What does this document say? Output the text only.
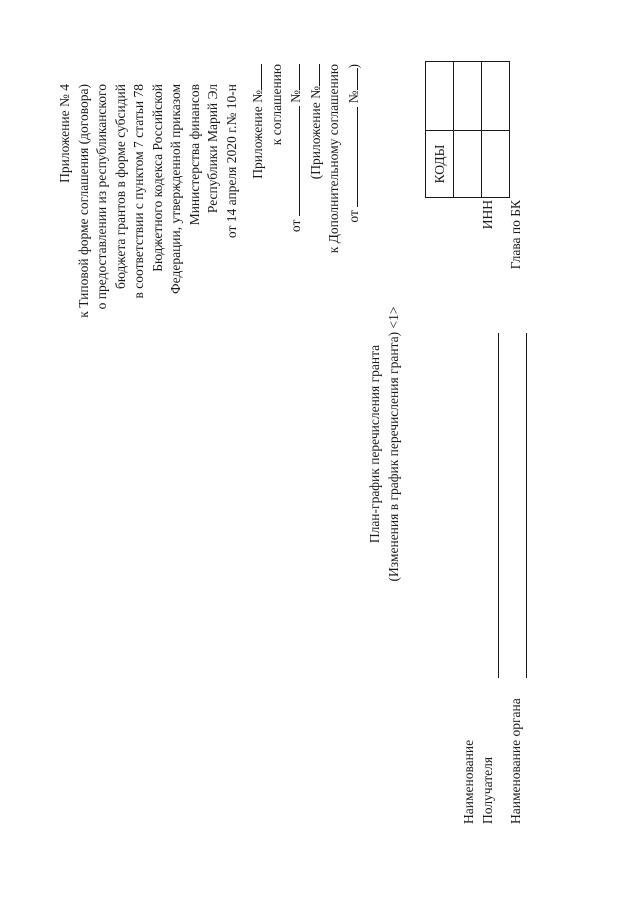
Приложение № 4 к Типовой форме соглашения (договора) о предоставлении из республиканского бюджета грантов в форме субсидий в соответствии с пунктом 7 статьи 78 Бюджетного кодекса Российской Федерации, утвержденной приказом Министерства финансов Республики Марий Эл от 14 апреля 2020 г.№ 10-н Приложение № к соглашению
от  № (Приложение № к Дополнительному соглашению от  №)
План-график перечисления гранта (Изменения в график перечисления гранта) <1>
КОДЫ	

Наименование Получателя
ИНН
Наименование органа
Глава по БК
